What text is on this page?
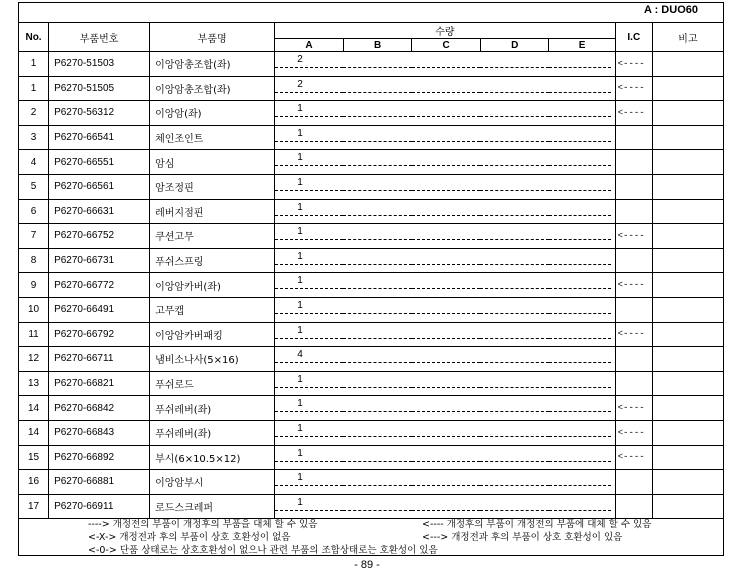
A : DUO60
No.	부품번호	부품명	수량					I.C	비고
			A	B	C	D	E		
1	P6270-51503	이앙암총조합(좌)	2					<----	
1	P6270-51505	이앙암총조합(좌)	2					<----	
2	P6270-56312	이앙암(좌)	1					<----	
3	P6270-66541	체인조인트	1						

4	P6270-66551	암심	1						

5	P6270-66561	암조정핀	1						

6	P6270-66631	레버지점핀	1						

7	P6270-66752	쿠션고무	1					<----	
8	P6270-66731	푸쉬스프링	1						

9	P6270-66772	이앙암카버(좌)	1					<----	
10	P6270-66491	고무캡	1						

11	P6270-66792	이앙암카버패킹	1					<----	
12	P6270-66711	냄비소나사(5×16)	4						

13	P6270-66821	푸쉬로드	1						

14	P6270-66842	푸쉬레버(좌)	1					<----	
14	P6270-66843	푸쉬레버(좌)	1					<----	
15	P6270-66892	부시(6×10.5×12)	1					<----	
16	P6270-66881	이앙암부시	1						

17	P6270-66911	로드스크레퍼	1						

----> 개정전의 부품이 개정후의 부품을 대체 할 수 있음	<---- 개정후의 부품이 개정전의 부품에 대체 할 수 있음
<-X-> 개정전과 후의 부품이 상호 호환성이 없음	<---> 개정전과 후의 부품이 상호 호환성이 있음
<-0-> 단품 상태로는 상호호환성이 없으나 관련 부품의 조합상태로는 호환성이 있음
- 89 -
